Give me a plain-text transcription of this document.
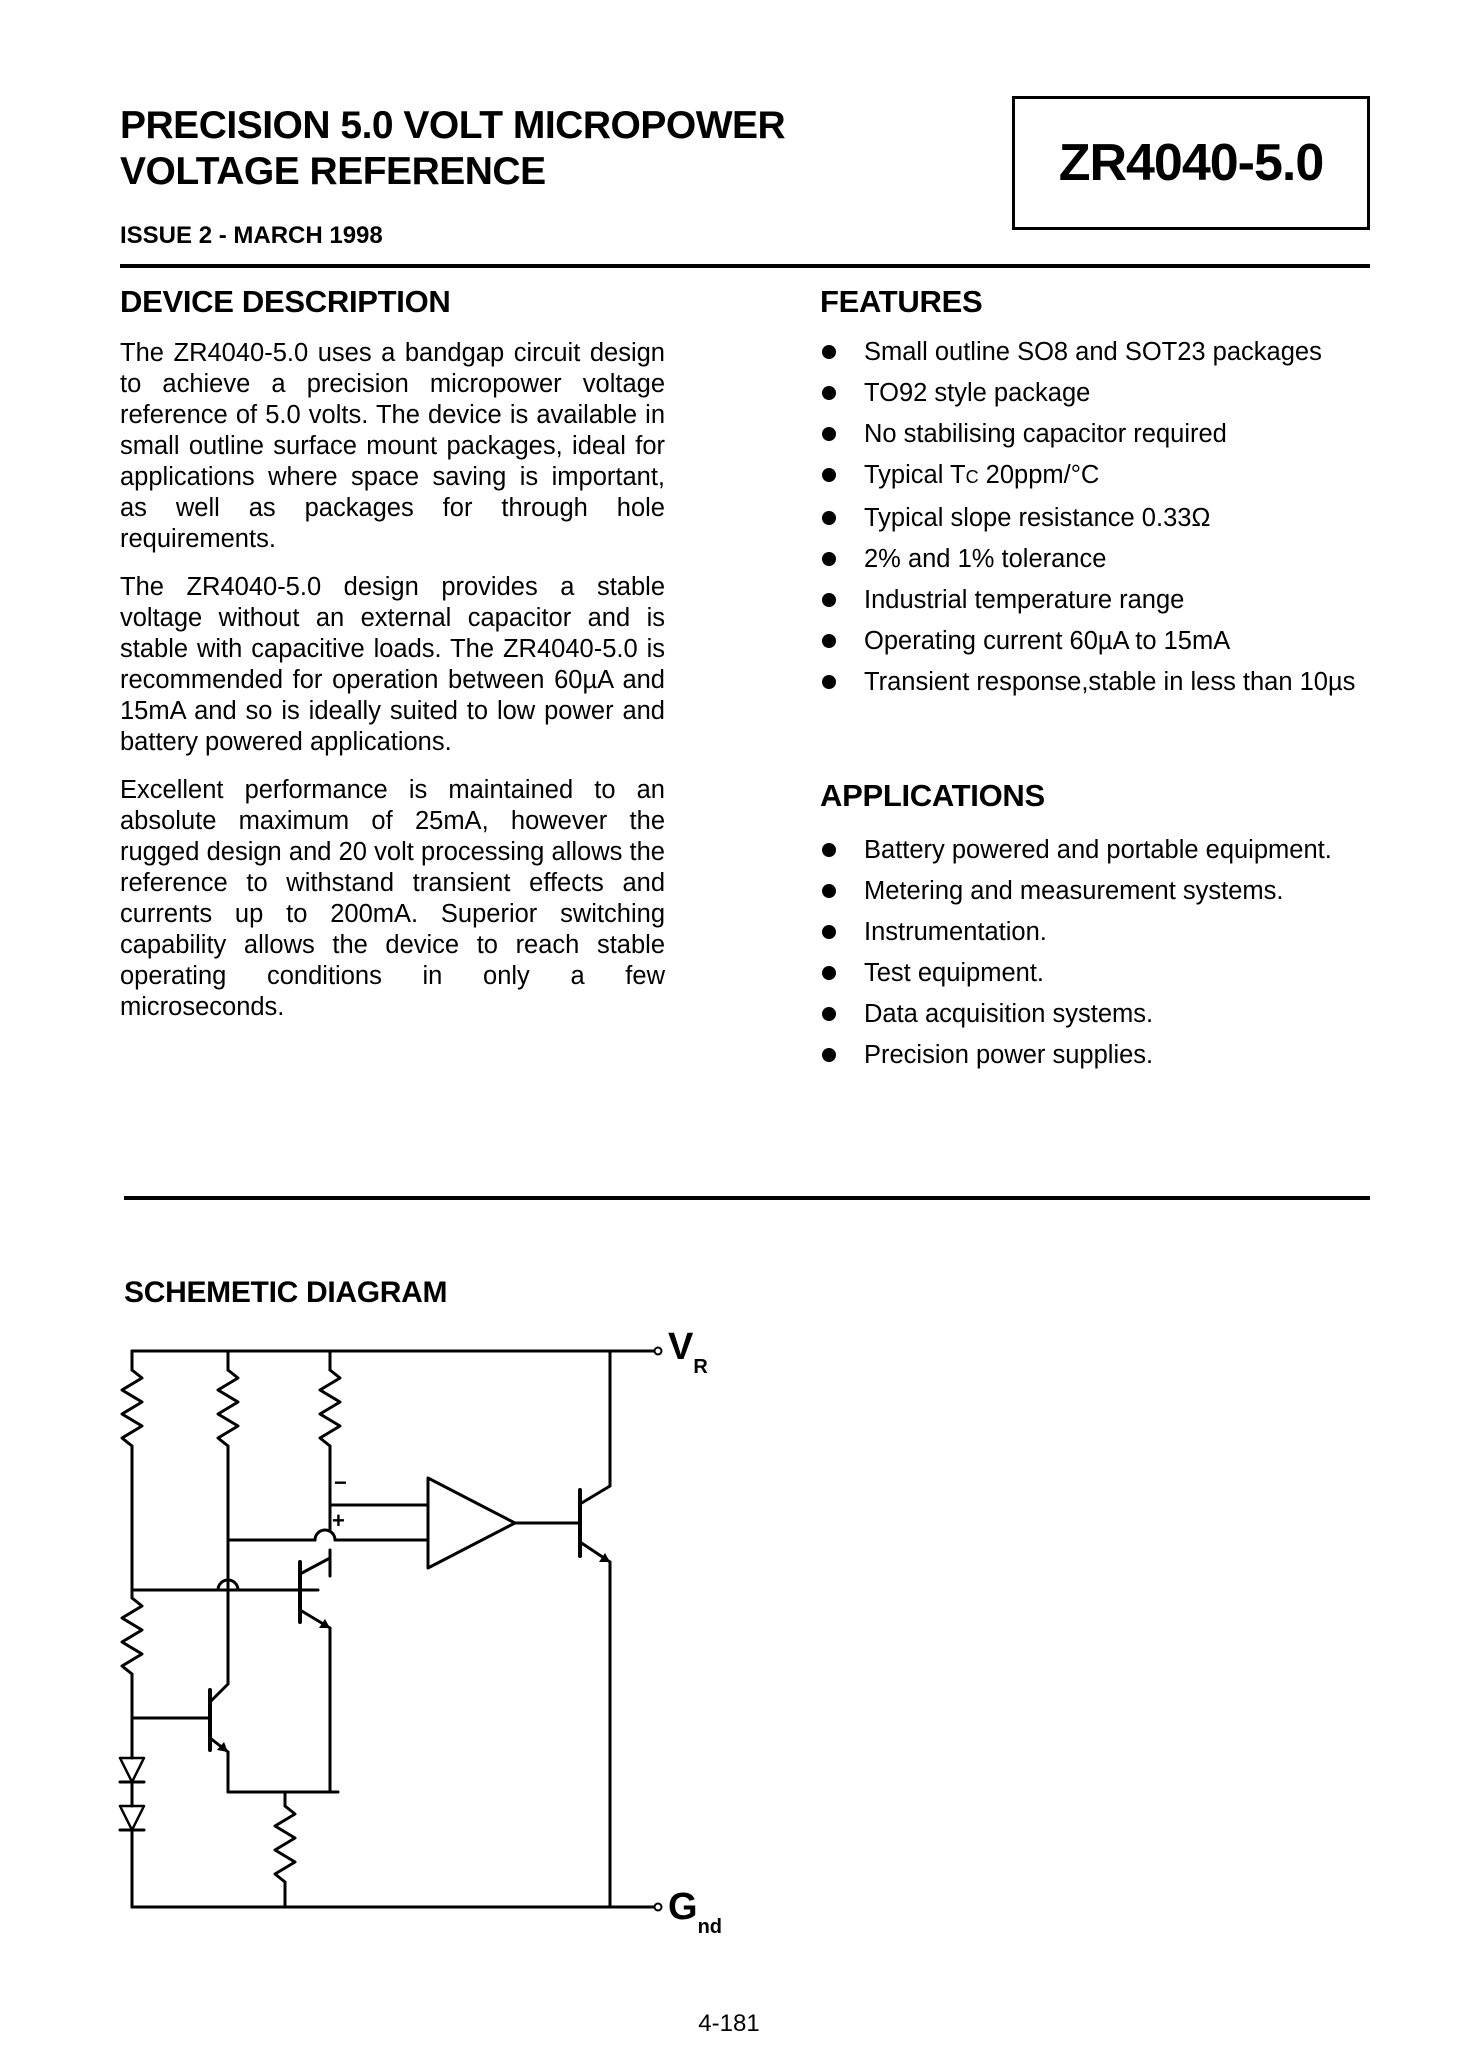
PRECISION 5.0 VOLT MICROPOWER
VOLTAGE REFERENCE
ISSUE 2 - MARCH 1998
ZR4040-5.0
DEVICE DESCRIPTION

The ZR4040-5.0 uses a bandgap circuit design to achieve a precision micropower voltage reference of 5.0 volts. The device is available in small outline surface mount packages, ideal for applications where space saving is important, as well as packages for through hole requirements.

The ZR4040-5.0 design provides a stable voltage without an external capacitor and is stable with capacitive loads. The ZR4040-5.0 is recommended for operation between 60µA and 15mA and so is ideally suited to low power and battery powered applications.

Excellent performance is maintained to an absolute maximum of 25mA, however the rugged design and 20 volt processing allows the reference to withstand transient effects and currents up to 200mA. Superior switching capability allows the device to reach stable operating conditions in only a few microseconds.

FEATURES
Small outline SO8 and SOT23 packages
TO92 style package
No stabilising capacitor required
Typical TC 20ppm/°C
Typical slope resistance 0.33Ω
2% and 1% tolerance
Industrial temperature range
Operating current 60µA to 15mA
Transient response,stable in less than 10µs
APPLICATIONS
Battery powered and portable equipment.
Metering and measurement systems.
Instrumentation.
Test equipment.
Data acquisition systems.
Precision power supplies.
SCHEMETIC DIAGRAM
−
+
VR
Gnd
4-181
